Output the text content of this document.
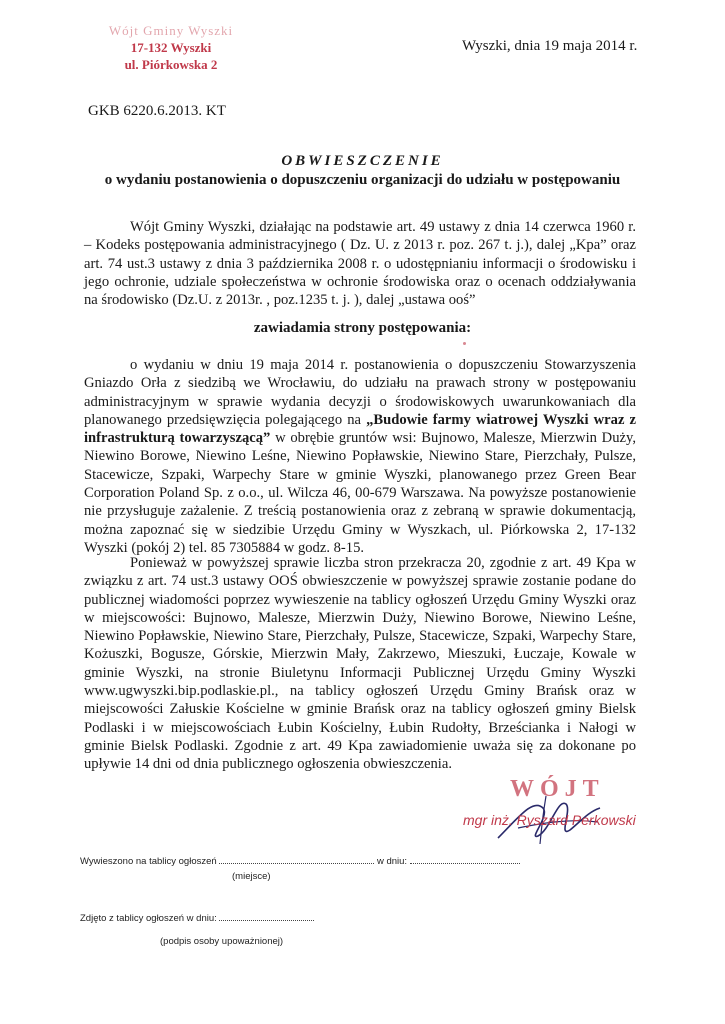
Wójt Gminy Wyszki
17-132 Wyszki
ul. Piórkowska 2
Wyszki, dnia 19 maja 2014 r.
GKB 6220.6.2013. KT
OBWIESZCZENIE
o wydaniu postanowienia o dopuszczeniu organizacji do udziału w postępowaniu

Wójt Gminy Wyszki, działając na podstawie art. 49 ustawy z dnia 14 czerwca 1960 r. – Kodeks postępowania administracyjnego ( Dz. U. z 2013 r. poz. 267 t. j.), dalej „Kpa” oraz art. 74 ust.3 ustawy z dnia 3 października 2008 r. o udostępnianiu informacji o środowisku i jego ochronie, udziale społeczeństwa w ochronie środowiska oraz o ocenach oddziaływania na środowisko (Dz.U. z 2013r. , poz.1235 t. j. ), dalej „ustawa ooś”

zawiadamia strony postępowania:

o wydaniu w dniu 19 maja 2014 r. postanowienia o dopuszczeniu Stowarzyszenia Gniazdo Orła z siedzibą we Wrocławiu, do udziału na prawach strony w postępowaniu administracyjnym w sprawie wydania decyzji o środowiskowych uwarunkowaniach dla planowanego przedsięwzięcia polegającego na „Budowie farmy wiatrowej Wyszki wraz z infrastrukturą towarzyszącą” w obrębie gruntów wsi: Bujnowo, Malesze, Mierzwin Duży, Niewino Borowe, Niewino Leśne, Niewino Popławskie, Niewino Stare, Pierzchały, Pulsze, Stacewicze, Szpaki, Warpechy Stare w gminie Wyszki, planowanego przez Green Bear Corporation Poland Sp. z o.o., ul. Wilcza 46, 00-679 Warszawa. Na powyższe postanowienie nie przysługuje zażalenie. Z treścią postanowienia oraz z zebraną w sprawie dokumentacją, można zapoznać się w siedzibie Urzędu Gminy w Wyszkach, ul. Piórkowska 2, 17-132 Wyszki (pokój 2) tel. 85 7305884 w godz. 8-15.

Ponieważ w powyższej sprawie liczba stron przekracza 20, zgodnie z art. 49 Kpa w związku z art. 74 ust.3 ustawy OOŚ obwieszczenie w powyższej sprawie zostanie podane do publicznej wiadomości poprzez wywieszenie na tablicy ogłoszeń Urzędu Gminy Wyszki oraz w miejscowości: Bujnowo, Malesze, Mierzwin Duży, Niewino Borowe, Niewino Leśne, Niewino Popławskie, Niewino Stare, Pierzchały, Pulsze, Stacewicze, Szpaki, Warpechy Stare, Kożuszki, Boguszе, Górskie, Mierzwin Mały, Zakrzewo, Mieszuki, Łuczaje, Kowale w gminie Wyszki, na stronie Biuletynu Informacji Publicznej Urzędu Gminy Wyszki www.ugwyszki.bip.podlaskie.pl., na tablicy ogłoszeń Urzędu Gminy Brańsk oraz w miejscowości Załuskie Kościelne w gminie Brańsk oraz na tablicy ogłoszeń gminy Bielsk Podlaski i w miejscowościach Łubin Kościelny, Łubin Rudołty, Brześcianka i Nałogi w gminie Bielsk Podlaski. Zgodnie z art. 49 Kpa zawiadomienie uważa się za dokonane po upływie 14 dni od dnia publicznego ogłoszenia obwieszczenia.

WÓJT
mgr inż. Ryszard Perkowski
Wywieszono na tablicy ogłoszeń	w dniu:
(miejsce)
Zdjęto z tablicy ogłoszeń w dniu:
(podpis osoby upoważnionej)
